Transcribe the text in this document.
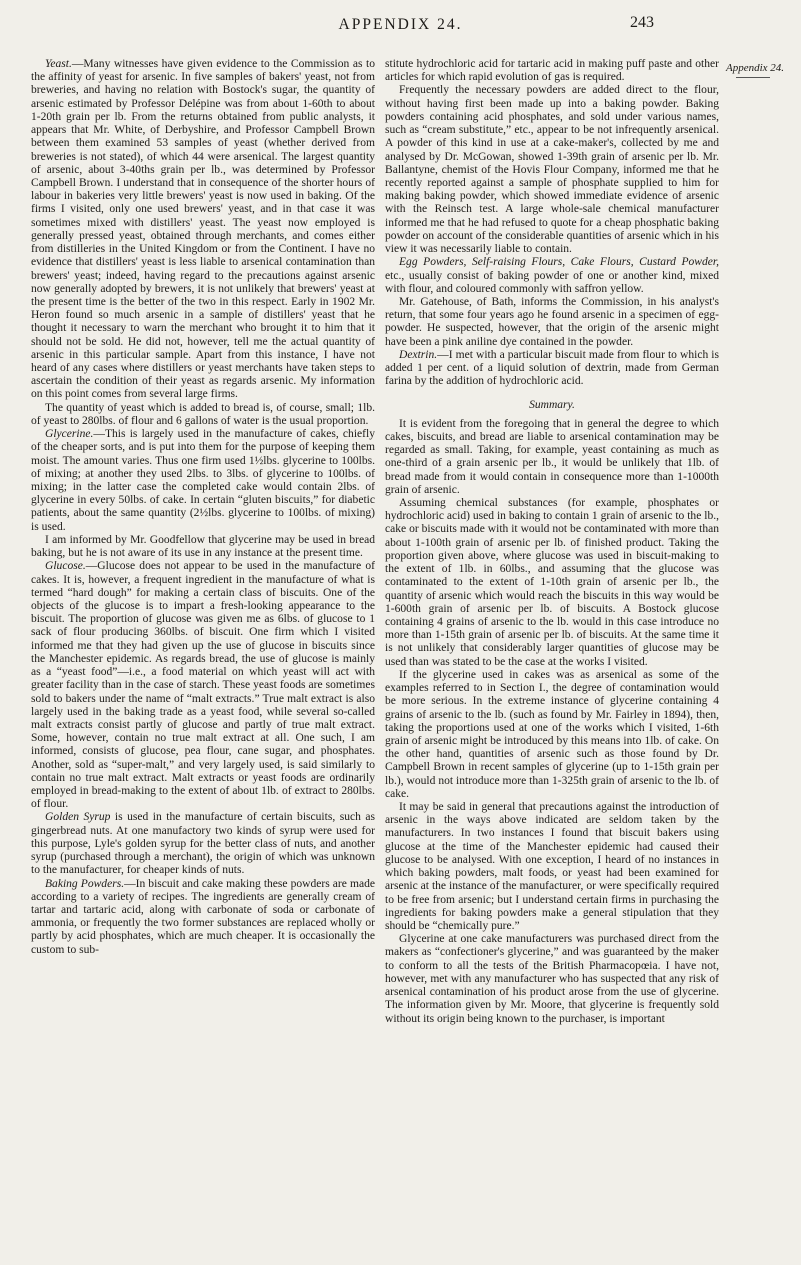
APPENDIX 24.	243
Appendix 24.

Yeast.—Many witnesses have given evidence to the Commission as to the affinity of yeast for arsenic. In five samples of bakers' yeast, not from breweries, and having no relation with Bostock's sugar, the quantity of arsenic estimated by Professor Delépine was from about 1-60th to about 1-20th grain per lb. From the returns obtained from public analysts, it appears that Mr. White, of Derbyshire, and Professor Campbell Brown between them examined 53 samples of yeast (whether derived from breweries is not stated), of which 44 were arsenical. The largest quantity of arsenic, about 3-40ths grain per lb., was determined by Professor Campbell Brown. I understand that in consequence of the shorter hours of labour in bakeries very little brewers' yeast is now used in baking. Of the firms I visited, only one used brewers' yeast, and in that case it was sometimes mixed with distillers' yeast. The yeast now employed is generally pressed yeast, obtained through merchants, and comes either from distilleries in the United Kingdom or from the Continent. I have no evidence that distillers' yeast is less liable to arsenical contamination than brewers' yeast; indeed, having regard to the precautions against arsenic now generally adopted by brewers, it is not unlikely that brewers' yeast at the present time is the better of the two in this respect. Early in 1902 Mr. Heron found so much arsenic in a sample of distillers' yeast that he thought it necessary to warn the merchant who brought it to him that it should not be sold. He did not, however, tell me the actual quantity of arsenic in this particular sample. Apart from this instance, I have not heard of any cases where distillers or yeast merchants have taken steps to ascertain the condition of their yeast as regards arsenic. My information on this point comes from several large firms.

The quantity of yeast which is added to bread is, of course, small; 1lb. of yeast to 280lbs. of flour and 6 gallons of water is the usual proportion.

Glycerine.—This is largely used in the manufacture of cakes, chiefly of the cheaper sorts, and is put into them for the purpose of keeping them moist. The amount varies. Thus one firm used 1½lbs. glycerine to 100lbs. of mixing; at another they used 2lbs. to 3lbs. of glycerine to 100lbs. of mixing; in the latter case the completed cake would contain 2lbs. of glycerine in every 50lbs. of cake. In certain “gluten biscuits,” for diabetic patients, about the same quantity (2½lbs. glycerine to 100lbs. of mixing) is used.

I am informed by Mr. Goodfellow that glycerine may be used in bread baking, but he is not aware of its use in any instance at the present time.

Glucose.—Glucose does not appear to be used in the manufacture of cakes. It is, however, a frequent ingredient in the manufacture of what is termed “hard dough” for making a certain class of biscuits. One of the objects of the glucose is to impart a fresh-looking appearance to the biscuit. The proportion of glucose was given me as 6lbs. of glucose to 1 sack of flour producing 360lbs. of biscuit. One firm which I visited informed me that they had given up the use of glucose in biscuits since the Manchester epidemic. As regards bread, the use of glucose is mainly as a “yeast food”—i.e., a food material on which yeast will act with greater facility than in the case of starch. These yeast foods are sometimes sold to bakers under the name of “malt extracts.” True malt extract is also largely used in the baking trade as a yeast food, while several so-called malt extracts consist partly of glucose and partly of true malt extract. Some, however, contain no true malt extract at all. One such, I am informed, consists of glucose, pea flour, cane sugar, and phosphates. Another, sold as “super-malt,” and very largely used, is said similarly to contain no true malt extract. Malt extracts or yeast foods are ordinarily employed in bread-making to the extent of about 1lb. of extract to 280lbs. of flour.

Golden Syrup is used in the manufacture of certain biscuits, such as gingerbread nuts. At one manufactory two kinds of syrup were used for this purpose, Lyle's golden syrup for the better class of nuts, and another syrup (purchased through a merchant), the origin of which was unknown to the manufacturer, for cheaper kinds of nuts.

Baking Powders.—In biscuit and cake making these powders are made according to a variety of recipes. The ingredients are generally cream of tartar and tartaric acid, along with carbonate of soda or carbonate of ammonia, or frequently the two former substances are replaced wholly or partly by acid phosphates, which are much cheaper. It is occasionally the custom to sub-

stitute hydrochloric acid for tartaric acid in making puff paste and other articles for which rapid evolution of gas is required.

Frequently the necessary powders are added direct to the flour, without having first been made up into a baking powder. Baking powders containing acid phosphates, and sold under various names, such as “cream substitute,” etc., appear to be not infrequently arsenical. A powder of this kind in use at a cake-maker's, collected by me and analysed by Dr. McGowan, showed 1-39th grain of arsenic per lb. Mr. Ballantyne, chemist of the Hovis Flour Company, informed me that he recently reported against a sample of phosphate supplied to him for making baking powder, which showed immediate evidence of arsenic with the Reinsch test. A large whole-sale chemical manufacturer informed me that he had refused to quote for a cheap phosphatic baking powder on account of the considerable quantities of arsenic which in his view it was necessarily liable to contain.

Egg Powders, Self-raising Flours, Cake Flours, Custard Powder, etc., usually consist of baking powder of one or another kind, mixed with flour, and coloured commonly with saffron yellow.

Mr. Gatehouse, of Bath, informs the Commission, in his analyst's return, that some four years ago he found arsenic in a specimen of egg-powder. He suspected, however, that the origin of the arsenic might have been a pink aniline dye contained in the powder.

Dextrin.—I met with a particular biscuit made from flour to which is added 1 per cent. of a liquid solution of dextrin, made from German farina by the addition of hydrochloric acid.

Summary.

It is evident from the foregoing that in general the degree to which cakes, biscuits, and bread are liable to arsenical contamination may be regarded as small. Taking, for example, yeast containing as much as one-third of a grain arsenic per lb., it would be unlikely that 1lb. of bread made from it would contain in consequence more than 1-1000th grain of arsenic.

Assuming chemical substances (for example, phosphates or hydrochloric acid) used in baking to contain 1 grain of arsenic to the lb., cake or biscuits made with it would not be contaminated with more than about 1-100th grain of arsenic per lb. of finished product. Taking the proportion given above, where glucose was used in biscuit-making to the extent of 1lb. in 60lbs., and assuming that the glucose was contaminated to the extent of 1-10th grain of arsenic per lb., the quantity of arsenic which would reach the biscuits in this way would be 1-600th grain of arsenic per lb. of biscuits. A Bostock glucose containing 4 grains of arsenic to the lb. would in this case introduce no more than 1-15th grain of arsenic per lb. of biscuits. At the same time it is not unlikely that considerably larger quantities of glucose may be used than was stated to be the case at the works I visited.

If the glycerine used in cakes was as arsenical as some of the examples referred to in Section I., the degree of contamination would be more serious. In the extreme instance of glycerine containing 4 grains of arsenic to the lb. (such as found by Mr. Fairley in 1894), then, taking the proportions used at one of the works which I visited, 1-6th grain of arsenic might be introduced by this means into 1lb. of cake. On the other hand, quantities of arsenic such as those found by Dr. Campbell Brown in recent samples of glycerine (up to 1-15th grain per lb.), would not introduce more than 1-325th grain of arsenic to the lb. of cake.

It may be said in general that precautions against the introduction of arsenic in the ways above indicated are seldom taken by the manufacturers. In two instances I found that biscuit bakers using glucose at the time of the Manchester epidemic had caused their glucose to be analysed. With one exception, I heard of no instances in which baking powders, malt foods, or yeast had been examined for arsenic at the instance of the manufacturer, or were specifically required to be free from arsenic; but I understand certain firms in purchasing the ingredients for baking powders make a general stipulation that they should be “chemically pure.”

Glycerine at one cake manufacturers was purchased direct from the makers as “confectioner's glycerine,” and was guaranteed by the maker to conform to all the tests of the British Pharmacopœia. I have not, however, met with any manufacturer who has suspected that any risk of arsenical contamination of his product arose from the use of glycerine. The information given by Mr. Moore, that glycerine is frequently sold without its origin being known to the purchaser, is important
